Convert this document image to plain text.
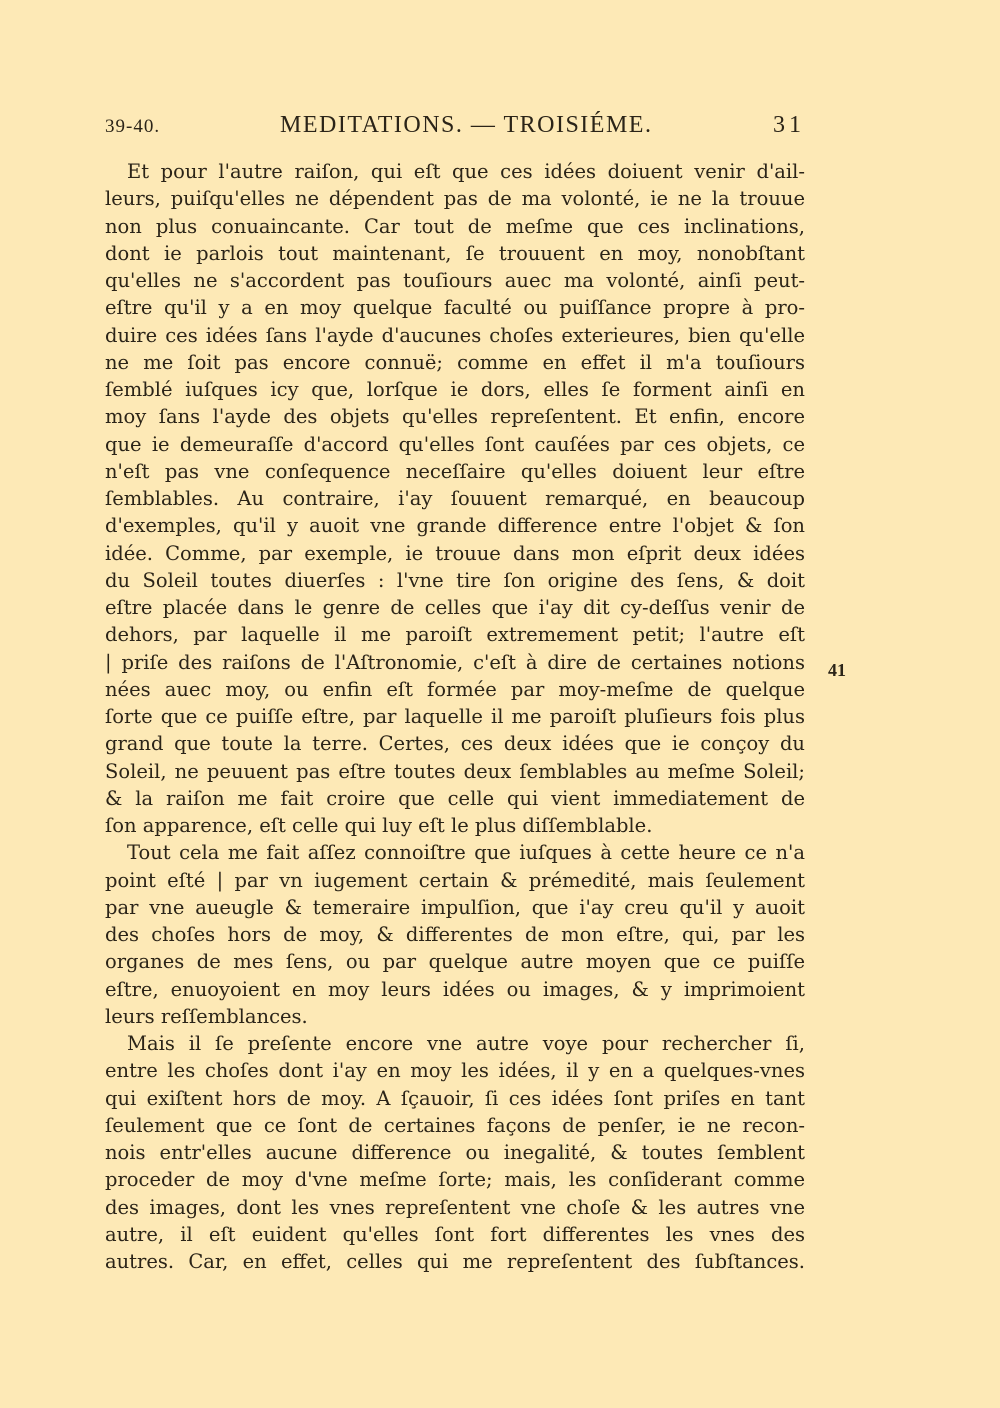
39-40.	MEDITATIONS. — TROISIÉME.	31
Et pour l'autre raiſon, qui eſt que ces idées doiuent venir d'ail-
leurs, puiſqu'elles ne dépendent pas de ma volonté, ie ne la trouue
non plus conuaincante. Car tout de meſme que ces inclinations,
dont ie parlois tout maintenant, ſe trouuent en moy, nonobſtant
qu'elles ne s'accordent pas touſiours auec ma volonté, ainſi peut-
eſtre qu'il y a en moy quelque faculté ou puiſſance propre à pro-
duire ces idées ſans l'ayde d'aucunes choſes exterieures, bien qu'elle
ne me ſoit pas encore connuë; comme en effet il m'a touſiours
ſemblé iuſques icy que, lorſque ie dors, elles ſe forment ainſi en
moy ſans l'ayde des objets qu'elles repreſentent. Et enfin, encore
que ie demeuraſſe d'accord qu'elles ſont cauſées par ces objets, ce
n'eſt pas vne conſequence neceſſaire qu'elles doiuent leur eſtre
ſemblables. Au contraire, i'ay ſouuent remarqué, en beaucoup
d'exemples, qu'il y auoit vne grande difference entre l'objet & ſon
idée. Comme, par exemple, ie trouue dans mon eſprit deux idées
du Soleil toutes diuerſes : l'vne tire ſon origine des ſens, & doit
eſtre placée dans le genre de celles que i'ay dit cy-deſſus venir de
dehors, par laquelle il me paroiſt extremement petit; l'autre eſt
| priſe des raiſons de l'Aſtronomie, c'eſt à dire de certaines notions
nées auec moy, ou enfin eſt formée par moy-meſme de quelque
ſorte que ce puiſſe eſtre, par laquelle il me paroiſt pluſieurs fois plus
grand que toute la terre. Certes, ces deux idées que ie conçoy du
Soleil, ne peuuent pas eſtre toutes deux ſemblables au meſme Soleil;
& la raiſon me fait croire que celle qui vient immediatement de
ſon apparence, eſt celle qui luy eſt le plus diſſemblable.
Tout cela me fait aſſez connoiſtre que iuſques à cette heure ce n'a
point eſté | par vn iugement certain & prémedité, mais ſeulement
par vne aueugle & temeraire impulſion, que i'ay creu qu'il y auoit
des choſes hors de moy, & differentes de mon eſtre, qui, par les
organes de mes ſens, ou par quelque autre moyen que ce puiſſe
eſtre, enuoyoient en moy leurs idées ou images, & y imprimoient
leurs reſſemblances.
Mais il ſe preſente encore vne autre voye pour rechercher ſi,
entre les choſes dont i'ay en moy les idées, il y en a quelques-vnes
qui exiſtent hors de moy. A ſçauoir, ſi ces idées ſont priſes en tant
ſeulement que ce ſont de certaines façons de penſer, ie ne recon-
nois entr'elles aucune difference ou inegalité, & toutes ſemblent
proceder de moy d'vne meſme ſorte; mais, les conſiderant comme
des images, dont les vnes repreſentent vne choſe & les autres vne
autre, il eſt euident qu'elles ſont fort differentes les vnes des
autres. Car, en effet, celles qui me repreſentent des ſubſtances.
41
